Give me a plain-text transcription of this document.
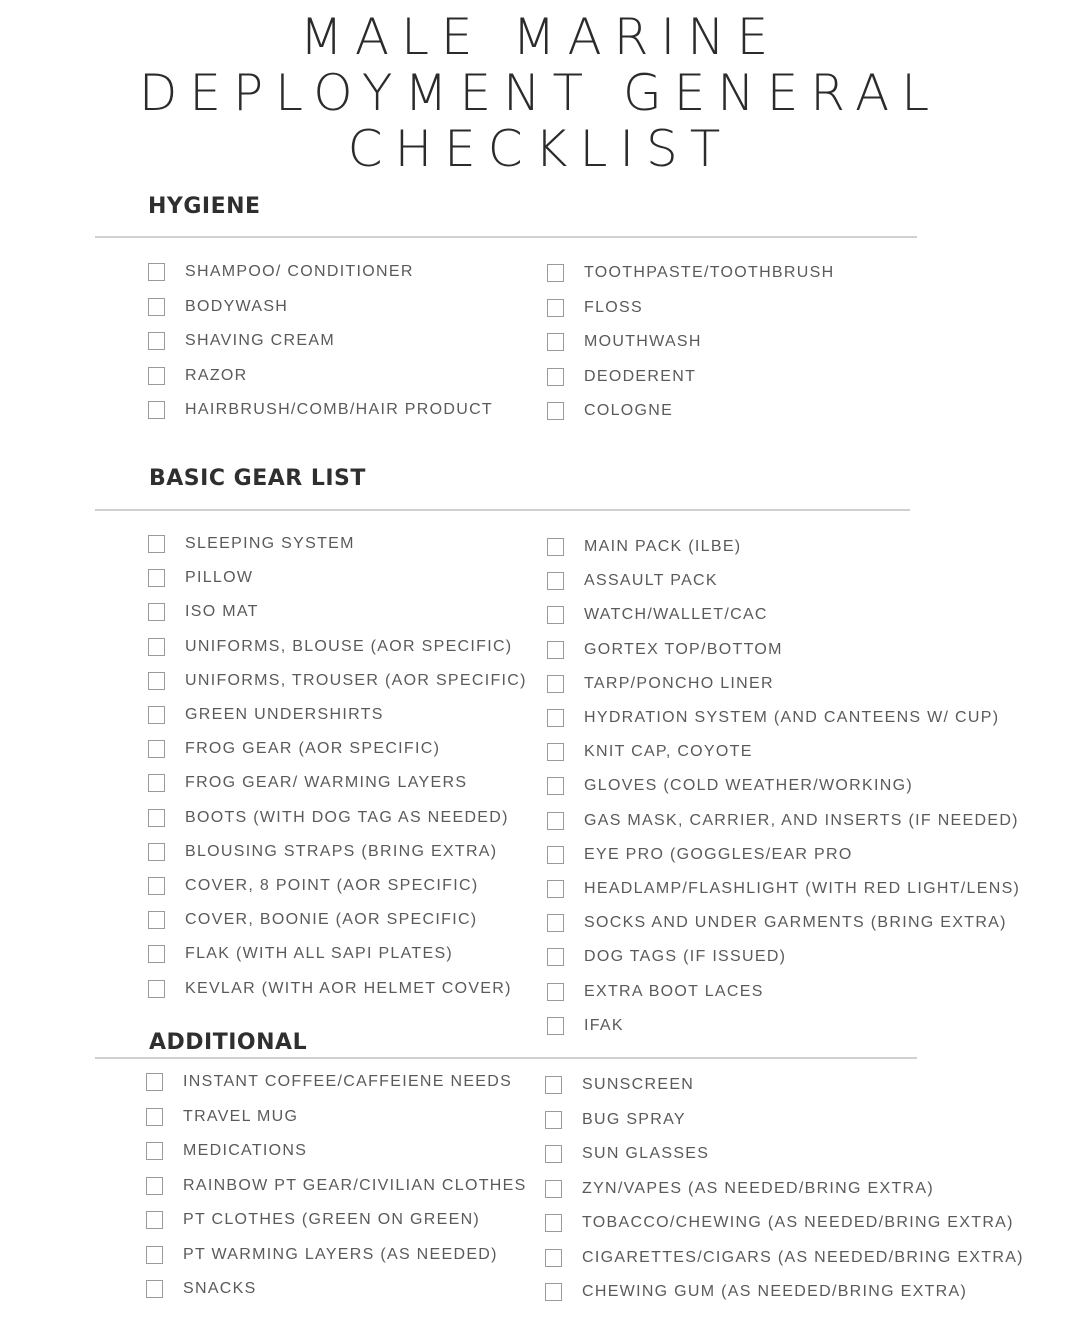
MALE MARINE
DEPLOYMENT GENERAL
CHECKLIST
HYGIENE
BASIC GEAR LIST
ADDITIONAL
SHAMPOO/ CONDITIONER
BODYWASH
SHAVING CREAM
RAZOR
HAIRBRUSH/COMB/HAIR PRODUCT
TOOTHPASTE/TOOTHBRUSH
FLOSS
MOUTHWASH
DEODERENT
COLOGNE
SLEEPING SYSTEM
PILLOW
ISO MAT
UNIFORMS, BLOUSE (AOR SPECIFIC)
UNIFORMS, TROUSER (AOR SPECIFIC)
GREEN UNDERSHIRTS
FROG GEAR (AOR SPECIFIC)
FROG GEAR/ WARMING LAYERS
BOOTS (WITH DOG TAG AS NEEDED)
BLOUSING STRAPS (BRING EXTRA)
COVER, 8 POINT (AOR SPECIFIC)
COVER, BOONIE (AOR SPECIFIC)
FLAK (WITH ALL SAPI PLATES)
KEVLAR (WITH AOR HELMET COVER)
MAIN PACK (ILBE)
ASSAULT PACK
WATCH/WALLET/CAC
GORTEX TOP/BOTTOM
TARP/PONCHO LINER
HYDRATION SYSTEM (AND CANTEENS W/ CUP)
KNIT CAP, COYOTE
GLOVES (COLD WEATHER/WORKING)
GAS MASK, CARRIER, AND INSERTS (IF NEEDED)
EYE PRO (GOGGLES/EAR PRO
HEADLAMP/FLASHLIGHT (WITH RED LIGHT/LENS)
SOCKS AND UNDER GARMENTS (BRING EXTRA)
DOG TAGS (IF ISSUED)
EXTRA BOOT LACES
IFAK
INSTANT COFFEE/CAFFEIENE NEEDS
TRAVEL MUG
MEDICATIONS
RAINBOW PT GEAR/CIVILIAN CLOTHES
PT CLOTHES (GREEN ON GREEN)
PT WARMING LAYERS (AS NEEDED)
SNACKS
SUNSCREEN
BUG SPRAY
SUN GLASSES
ZYN/VAPES (AS NEEDED/BRING EXTRA)
TOBACCO/CHEWING (AS NEEDED/BRING EXTRA)
CIGARETTES/CIGARS (AS NEEDED/BRING EXTRA)
CHEWING GUM (AS NEEDED/BRING EXTRA)
